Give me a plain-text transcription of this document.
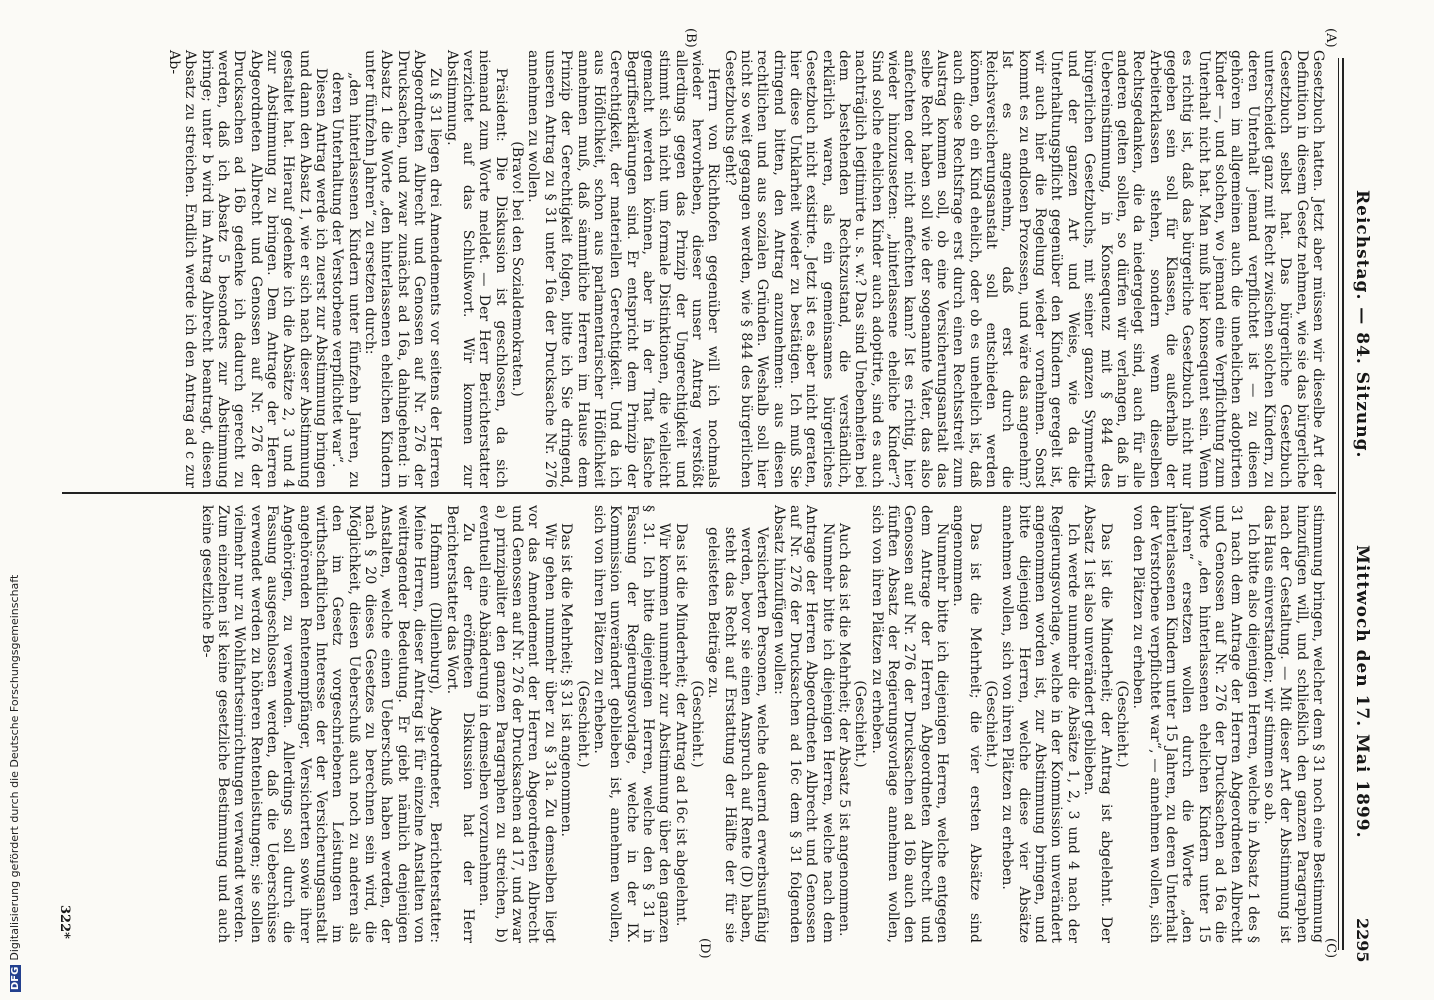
Reichstag. — 84. Sitzung.
Mittwoch den 17. Mai 1899.
2295
(A)
(B)
(C)
(D)

Gesetzbuch hatten. Jetzt aber müssen wir dieselbe Art der Definition in diesem Gesetz nehmen, wie sie das bürgerliche Gesetzbuch selbst hat. Das bürgerliche Gesetzbuch unterscheidet ganz mit Recht zwischen solchen Kindern, zu deren Unterhalt jemand verpflichtet ist — zu diesen gehören im allgemeinen auch die unehelichen adoptirten Kinder —, und solchen, wo jemand eine Verpflichtung zum Unterhalt nicht hat. Man muß hier konsequent sein. Wenn es richtig ist, daß das bürgerliche Gesetzbuch nicht nur gegeben sein soll für Klassen, die außerhalb der Arbeiterklassen stehen, sondern wenn dieselben Rechtsgedanken, die da niedergelegt sind, auch für alle anderen gelten sollen, so dürfen wir verlangen, daß in Uebereinstimmung, in Konsequenz mit § 844 des bürgerlichen Gesetzbuchs, mit seiner ganzen Symmetrik und der ganzen Art und Weise, wie da die Unterhaltungspflicht gegenüber den Kindern geregelt ist, wir auch hier die Regelung wieder vornehmen. Sonst kommt es zu endlosen Prozessen, und wäre das angenehm? Ist es angenehm, daß erst durch die Reichsversicherungsanstalt soll entschieden werden können, ob ein Kind ehelich, oder ob es unehelich ist, daß auch diese Rechtsfrage erst durch einen Rechtsstreit zum Austrag kommen soll, ob eine Versicherungsanstalt das selbe Recht haben soll wie der sogenannte Vater, das also anfechten oder nicht anfechten kann? Ist es richtig, hier wieder hinzuzusetzen: „hinterlassene eheliche Kinder“? Sind solche ehelichen Kinder auch adoptirte, sind es auch nachträglich legitimirte u. s. w.? Das sind Unebenheiten bei dem bestehenden Rechtszustand, die verständlich, erklärlich waren, als ein gemeinsames bürgerliches Gesetzbuch nicht existirte. Jetzt ist es aber nicht geraten, hier diese Unklarheit wieder zu bestätigen. Ich muß Sie dringend bitten, den Antrag anzunehmen: aus diesen rechtlichen und aus sozialen Gründen. Weshalb soll hier nicht so weit gegangen werden, wie § 844 des bürgerlichen Gesetzbuchs geht?

Herrn von Richthofen gegenüber will ich nochmals wieder hervorheben, dieser unser Antrag verstößt allerdings gegen das Prinzip der Ungerechtigkeit und stimmt sich nicht um formale Distinktionen, die vielleicht gemacht werden können, aber in der That falsche Begriffserklärungen sind. Er entspricht dem Prinzip der Gerechtigkeit, der materiellen Gerechtigkeit. Und da ich aus Höflichkeit, schon aus parlamentarischer Höflichkeit annehmen muß, daß sämmtliche Herren im Hause dem Prinzip der Gerechtigkeit folgen, bitte ich Sie dringend, unseren Antrag zu § 31 unter 16a der Drucksache Nr. 276 annehmen zu wollen.

(Bravo! bei den Sozialdemokraten.)

Präsident: Die Diskussion ist geschlossen, da sich niemand zum Worte meldet. — Der Herr Berichterstatter verzichtet auf das Schlußwort. Wir kommen zur Abstimmung.

Zu § 31 liegen drei Amendements vor seitens der Herren Abgeordneten Albrecht und Genossen auf Nr. 276 der Drucksachen, und zwar zunächst ad 16a, dahingehend: in Absatz 1 die Worte „den hinterlassenen ehelichen Kindern unter fünfzehn Jahren“ zu ersetzen durch:

„den hinterlassenen Kindern unter fünfzehn Jahren, zu deren Unterhaltung der Verstorbene verpflichtet war“.

Diesen Antrag werde ich zuerst zur Abstimmung bringen und dann den Absatz 1, wie er sich nach dieser Abstimmung gestaltet hat. Hierauf gedenke ich die Absätze 2, 3 und 4 zur Abstimmung zu bringen. Dem Antrage der Herren Abgeordneten Albrecht und Genossen auf Nr. 276 der Drucksachen ad 16b gedenke ich dadurch gerecht zu werden, daß ich Absatz 5 besonders zur Abstimmung bringe; unter b wird im Antrag Albrecht beantragt, diesen Absatz zu streichen. Endlich werde ich den Antrag ad c zur Ab-

stimmung bringen, welcher dem § 31 noch eine Bestimmung hinzufügen will, und schließlich den ganzen Paragraphen nach der Gestaltung. — Mit dieser Art der Abstimmung ist das Haus einverstanden; wir stimmen so ab.

Ich bitte also diejenigen Herren, welche in Absatz 1 des § 31 nach dem Antrage der Herren Abgeordneten Albrecht und Genossen auf Nr. 276 der Drucksachen ad 16a die Worte „den hinterlassenen ehelichen Kindern unter 15 Jahren“ ersetzen wollen durch die Worte „den hinterlassenen Kindern unter 15 Jahren, zu deren Unterhalt der Verstorbene verpflichtet war“, — annehmen wollen, sich von den Plätzen zu erheben.

(Geschieht.)

Das ist die Minderheit; der Antrag ist abgelehnt. Der Absatz 1 ist also unverändert geblieben.

Ich werde nunmehr die Absätze 1, 2, 3 und 4 nach der Regierungsvorlage, welche in der Kommission unverändert angenommen worden ist, zur Abstimmung bringen, und bitte diejenigen Herren, welche diese vier Absätze annehmen wollen, sich von ihren Plätzen zu erheben.

(Geschieht.)

Das ist die Mehrheit; die vier ersten Absätze sind angenommen.

Nunmehr bitte ich diejenigen Herren, welche entgegen dem Antrage der Herren Abgeordneten Albrecht und Genossen auf Nr. 276 der Drucksachen ad 16b auch den fünften Absatz der Regierungsvorlage annehmen wollen, sich von ihren Plätzen zu erheben.

(Geschieht.)

Auch das ist die Mehrheit; der Absatz 5 ist angenommen.

Nunmehr bitte ich diejenigen Herren, welche nach dem Antrage der Herren Abgeordneten Albrecht und Genossen auf Nr. 276 der Drucksachen ad 16c dem § 31 folgenden Absatz hinzufügen wollen:

Versicherten Personen, welche dauernd erwerbsunfähig werden, bevor sie einen Anspruch auf Rente (D) haben, steht das Recht auf Erstattung der Hälfte der für sie geleisteten Beiträge zu.

(Geschieht.)

Das ist die Minderheit; der Antrag ad 16c ist abgelehnt.

Wir kommen nunmehr zur Abstimmung über den ganzen § 31. Ich bitte diejenigen Herren, welche den § 31 in Fassung der Regierungsvorlage, welche in der IX. Kommission unverändert geblieben ist, annehmen wollen, sich von ihren Plätzen zu erheben.

(Geschieht.)

Das ist die Mehrheit; § 31 ist angenommen.

Wir gehen nunmehr über zu § 31a. Zu demselben liegt vor das Amendement der Herren Abgeordneten Albrecht und Genossen auf Nr. 276 der Drucksachen ad 17, und zwar a) prinzipaliter den ganzen Paragraphen zu streichen, b) eventuell eine Abänderung in demselben vorzunehmen.

Zu der eröffneten Diskussion hat der Herr Berichterstatter das Wort.

Hofmann (Dillenburg), Abgeordneter, Berichterstatter: Meine Herren, dieser Antrag ist für einzelne Anstalten von weittragender Bedeutung. Er giebt nämlich denjenigen Anstalten, welche einen Ueberschuß haben werden, der nach § 20 dieses Gesetzes zu berechnen sein wird, die Möglichkeit, diesen Ueberschuß auch noch zu anderen als den im Gesetz vorgeschriebenen Leistungen im wirthschaftlichen Interesse der der Versicherungsanstalt angehörenden Rentenempfänger, Versicherten sowie ihrer Angehörigen, zu verwenden. Allerdings soll durch die Fassung ausgeschlossen werden, daß die Ueberschüsse verwendet werden zu höheren Rentenleistungen; sie sollen vielmehr nur zu Wohlfahrtseinrichtungen verwandt werden. Zum einzelnen ist keine gesetzliche Bestimmung und auch keine gesetzliche Be-

322*
DFGDigitalisierung gefördert durch die Deutsche Forschungsgemeinschaft
